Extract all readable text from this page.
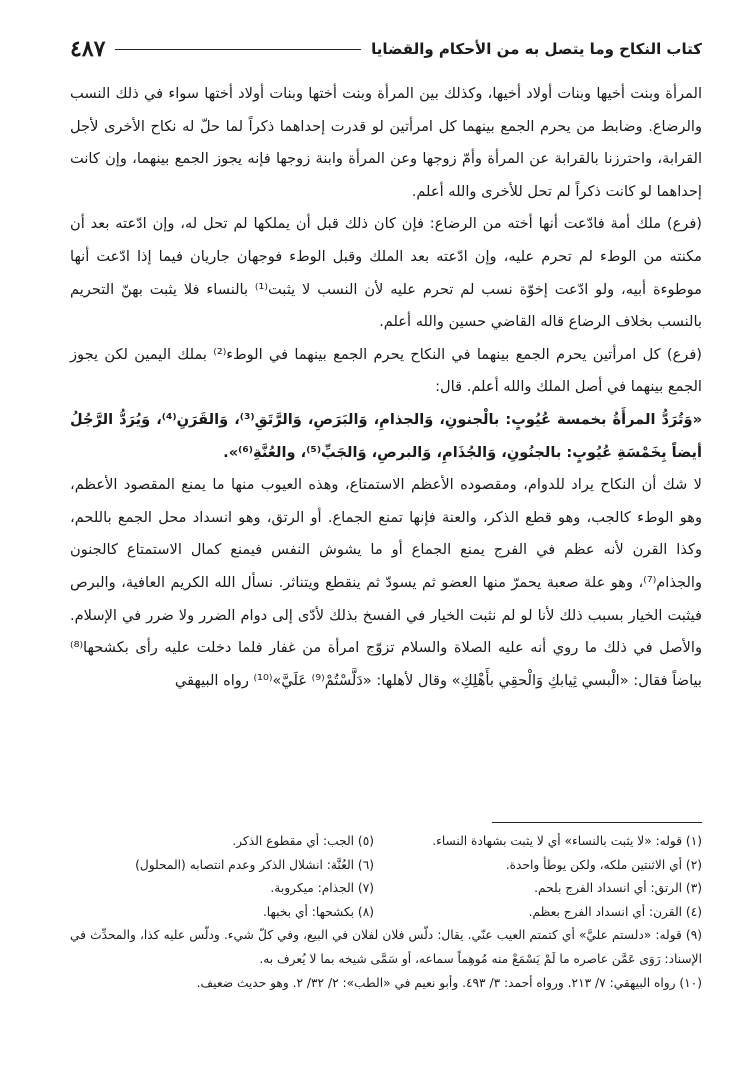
كتاب النكاح وما يتصل به من الأحكام والقضايا
٤٨٧

المرأة وبنت أخيها وبنات أولاد أخيها، وكذلك بين المرأة وبنت أختها وبنات أولاد أختها سواء في ذلك النسب والرضاع. وضابط من يحرم الجمع بينهما كل امرأتين لو قدرت إحداهما ذكراً لما حلّ له نكاح الأخرى لأجل القرابة، واحترزنا بالقرابة عن المرأة وأمّ زوجها وعن المرأة وابنة زوجها فإنه يجوز الجمع بينهما، وإن كانت إحداهما لو كانت ذكراً لم تحل للأخرى والله أعلم.

(فرع) ملك أمة فادّعت أنها أخته من الرضاع: فإن كان ذلك قبل أن يملكها لم تحل له، وإن ادّعته بعد أن مكنته من الوطء لم تحرم عليه، وإن ادّعته بعد الملك وقبل الوطء فوجهان جاريان فيما إذا ادّعت أنها موطوءة أبيه، ولو ادّعت إخوّة نسب لم تحرم عليه لأن النسب لا يثبت⁽¹⁾ بالنساء فلا يثبت بهنّ التحريم بالنسب بخلاف الرضاع قاله القاضي حسين والله أعلم.

(فرع) كل امرأتين يحرم الجمع بينهما في النكاح يحرم الجمع بينهما في الوطء⁽²⁾ بملك اليمين لكن يجوز الجمع بينهما في أصل الملك والله أعلم. قال:

«وَتُرَدُّ المرأَةُ بخمسة عُيُوبٍ: بالْجنونِ، وَالجذامِ، وَالبَرَصِ، وَالرَّتَقِ⁽³⁾، وَالقَرَنِ⁽⁴⁾، وَيُرَدُّ الرَّجُلُ أيضاً بِخَمْسَةِ عُيُوبٍ: بالجنُونِ، وَالجُذَامِ، وَالبرصِ، وَالجَبِّ⁽⁵⁾، والعُنَّةِ⁽⁶⁾».

لا شك أن النكاح يراد للدوام، ومقصوده الأعظم الاستمتاع، وهذه العيوب منها ما يمنع المقصود الأعظم، وهو الوطء كالجب، وهو قطع الذكر، والعنة فإنها تمنع الجماع. أو الرتق، وهو انسداد محل الجمع باللحم، وكذا القرن لأنه عظم في الفرج يمنع الجماع أو ما يشوش النفس فيمنع كمال الاستمتاع كالجنون والجذام⁽⁷⁾، وهو علة صعبة يحمرّ منها العضو ثم يسودّ ثم ينقطع ويتناثر. نسأل الله الكريم العافية، والبرص فيثبت الخيار بسبب ذلك لأنا لو لم نثبت الخيار في الفسخ بذلك لأدّى إلى دوام الضرر ولا ضرر في الإسلام. والأصل في ذلك ما روي أنه عليه الصلاة والسلام تزوّج امرأة من غفار فلما دخلت عليه رأى بكشحها⁽⁸⁾ بياضاً فقال: «الْبسي ثِيابكِ وَالْحقِي بأَهْلِكِ» وقال لأهلها: «دَلَّسْتُمْ⁽⁹⁾ عَلَيَّ»⁽¹⁰⁾ رواه البيهقي

(١) قوله: «لا يثبت بالنساء» أي لا يثبت بشهادة النساء.

(٥) الجب: أي مقطوع الذكر.

(٢) أي الاثنتين ملكه، ولكن يوطأ واحدة.

(٦) العُنَّة: انشلال الذكر وعدم انتصابه (المحلول)

(٣) الرتق: أي انسداد الفرج بلحم.

(٧) الجذام: ميكروبة.

(٤) القرن: أي انسداد الفرج بعظم.

(٨) بكشحها: أي بخبها.

(٩) قوله: «دلستم عليَّ» أي كتمتم العيب عنّي. يقال: دلّس فلان لفلان في البيع، وفي كلّ شيء. ودلّس عليه كذا، والمحدِّث في الإسناد: رَوَى عَمَّن عاصره ما لَمْ يَسْمَعْ منه مُوهِماً سماعه، أو سَمَّى شيخه بما لا يُعرف به.

(١٠) رواه البيهقي: ٧/ ٢١٣. ورواه أحمد: ٣/ ٤٩٣. وأبو نعيم في «الطب»: ٢/ ٣٢/ ٢. وهو حديث ضعيف.
